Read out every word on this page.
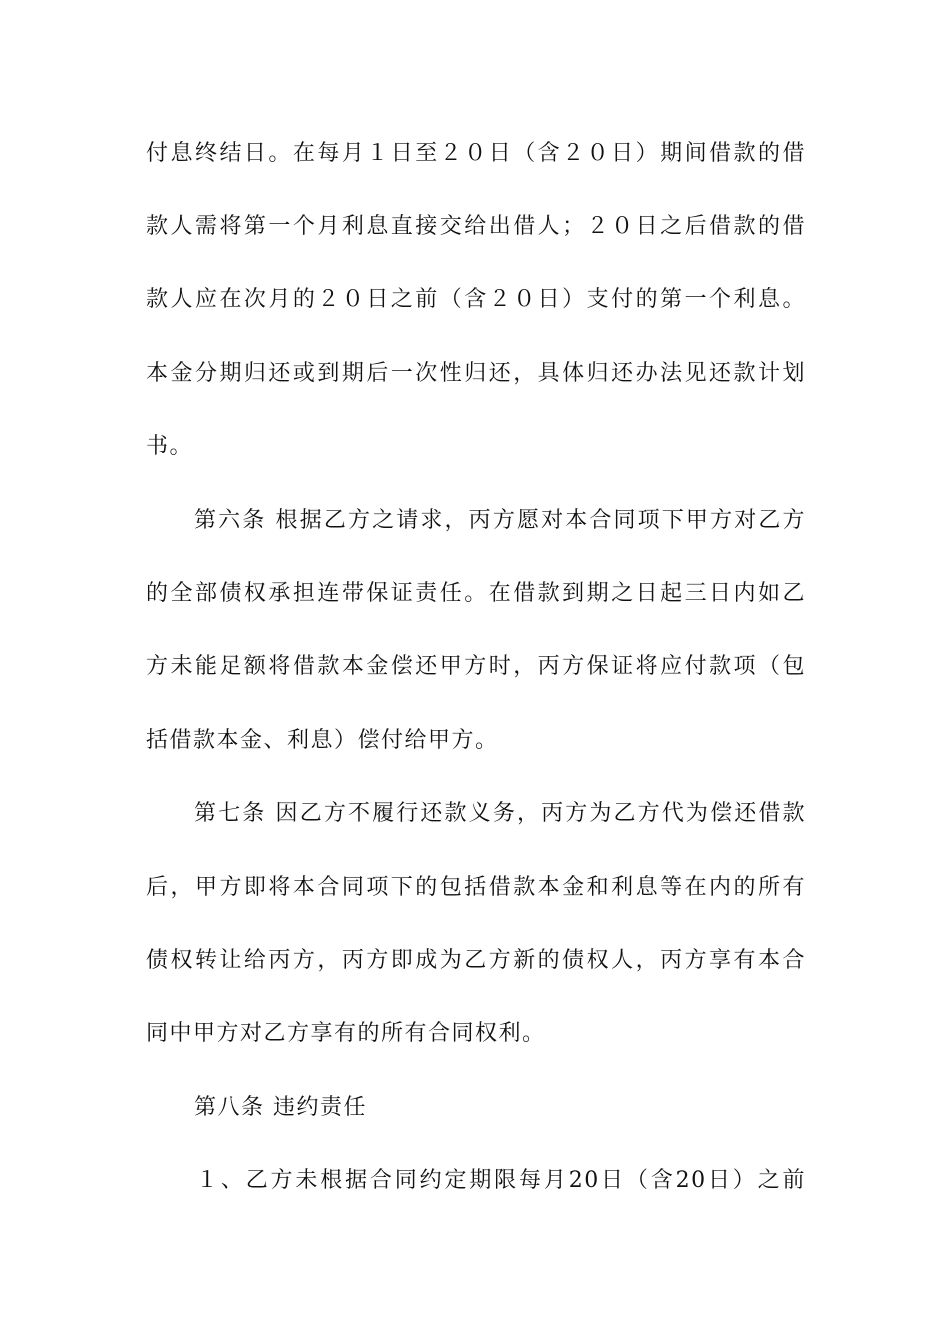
付息终结日。在每月１日至２０日（含２０日）期间借款的借
款人需将第一个月利息直接交给出借人；２０日之后借款的借
款人应在次月的２０日之前（含２０日）支付的第一个利息。
本金分期归还或到期后一次性归还，具体归还办法见还款计划
书。
第六条 根据乙方之请求，丙方愿对本合同项下甲方对乙方
的全部债权承担连带保证责任。在借款到期之日起三日内如乙
方未能足额将借款本金偿还甲方时，丙方保证将应付款项（包
括借款本金、利息）偿付给甲方。
第七条 因乙方不履行还款义务，丙方为乙方代为偿还借款
后，甲方即将本合同项下的包括借款本金和利息等在内的所有
债权转让给丙方，丙方即成为乙方新的债权人，丙方享有本合
同中甲方对乙方享有的所有合同权利。
第八条 违约责任
１、乙方未根据合同约定期限每月20日（含20日）之前
